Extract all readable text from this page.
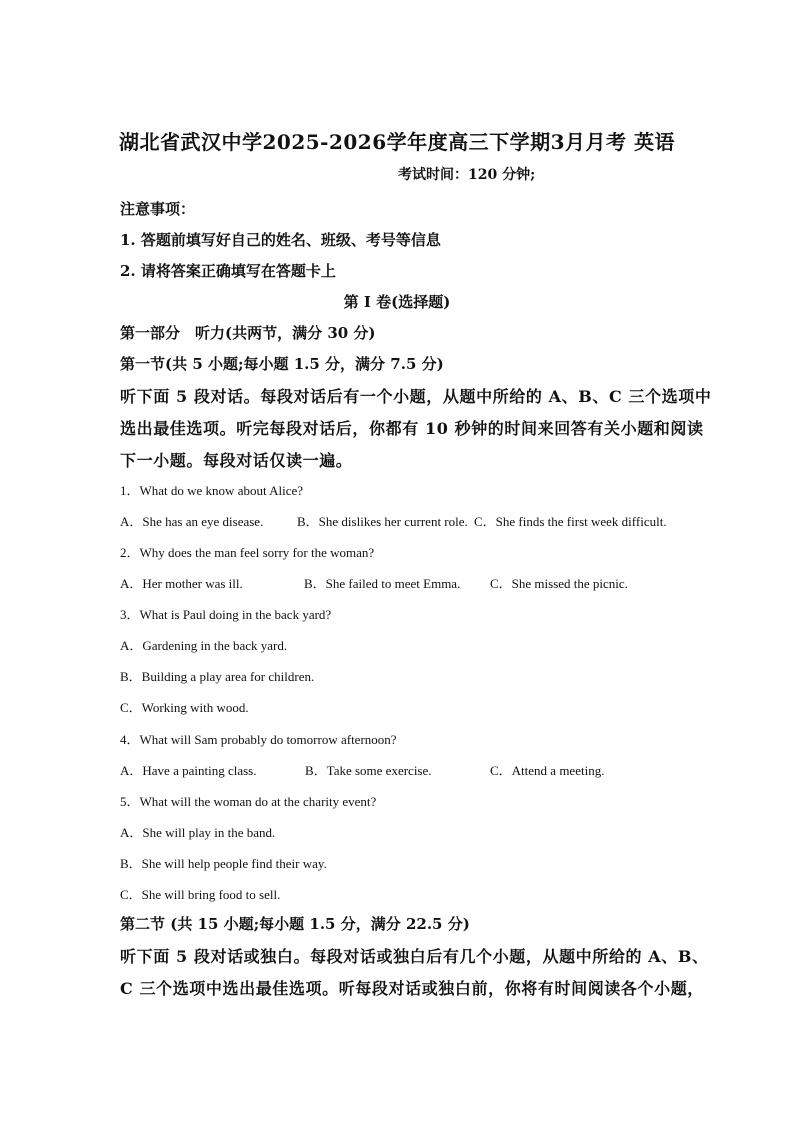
湖北省武汉中学2025-2026学年度高三下学期3月月考 英语
考试时间：120 分钟;
注意事项：
1. 答题前填写好自己的姓名、班级、考号等信息
2. 请将答案正确填写在答题卡上
第 I 卷(选择题)
第一部分　听力(共两节，满分 30 分)
第一节(共 5 小题;每小题 1.5 分，满分 7.5 分)
听下面 5 段对话。每段对话后有一个小题，从题中所给的 A、B、C 三个选项中
选出最佳选项。听完每段对话后，你都有 10 秒钟的时间来回答有关小题和阅读
下一小题。每段对话仅读一遍。
1．What do we know about Alice?
A．She has an eye disease.	B．She dislikes her current role. C．She finds the first week difficult.
2．Why does the man feel sorry for the woman?
A．Her mother was ill.	B．She failed to meet Emma. C．She missed the picnic.
3．What is Paul doing in the back yard?
A．Gardening in the back yard.
B．Building a play area for children.
C．Working with wood.
4．What will Sam probably do tomorrow afternoon?
A．Have a painting class.	B．Take some exercise.	C．Attend a meeting.
5．What will the woman do at the charity event?
A．She will play in the band.
B．She will help people find their way.
C．She will bring food to sell.
第二节 (共 15 小题;每小题 1.5 分，满分 22.5 分)
听下面 5 段对话或独白。每段对话或独白后有几个小题，从题中所给的 A、B、
C 三个选项中选出最佳选项。听每段对话或独白前，你将有时间阅读各个小题，
